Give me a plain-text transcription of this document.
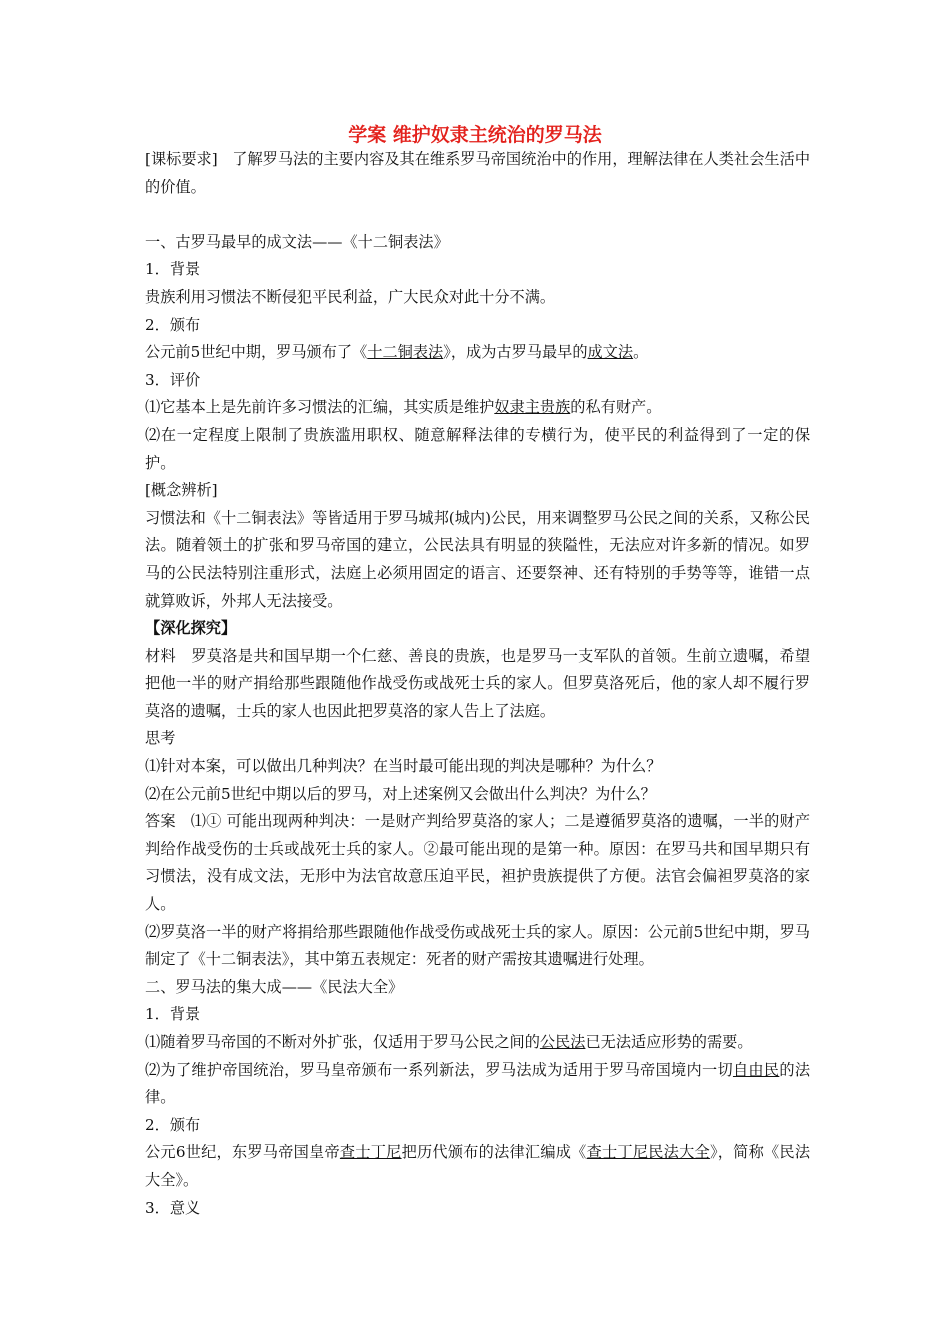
学案 维护奴隶主统治的罗马法

[课标要求] 了解罗马法的主要内容及其在维系罗马帝国统治中的作用，理解法律在人类社会生活中的价值。

一、古罗马最早的成文法——《十二铜表法》

1．背景

贵族利用习惯法不断侵犯平民利益，广大民众对此十分不满。

2．颁布

公元前5世纪中期，罗马颁布了《十二铜表法》，成为古罗马最早的成文法。

3．评价

⑴它基本上是先前许多习惯法的汇编，其实质是维护奴隶主贵族的私有财产。

⑵在一定程度上限制了贵族滥用职权、随意解释法律的专横行为，使平民的利益得到了一定的保护。

[概念辨析]

习惯法和《十二铜表法》等皆适用于罗马城邦(城内)公民，用来调整罗马公民之间的关系，又称公民法。随着领土的扩张和罗马帝国的建立，公民法具有明显的狭隘性，无法应对许多新的情况。如罗马的公民法特别注重形式，法庭上必须用固定的语言、还要祭神、还有特别的手势等等，谁错一点就算败诉，外邦人无法接受。

【深化探究】

材料 罗莫洛是共和国早期一个仁慈、善良的贵族，也是罗马一支军队的首领。生前立遗嘱，希望把他一半的财产捐给那些跟随他作战受伤或战死士兵的家人。但罗莫洛死后，他的家人却不履行罗莫洛的遗嘱，士兵的家人也因此把罗莫洛的家人告上了法庭。

思考

⑴针对本案，可以做出几种判决？在当时最可能出现的判决是哪种？为什么？

⑵在公元前5世纪中期以后的罗马，对上述案例又会做出什么判决？为什么？

答案 ⑴① 可能出现两种判决：一是财产判给罗莫洛的家人；二是遵循罗莫洛的遗嘱，一半的财产判给作战受伤的士兵或战死士兵的家人。②最可能出现的是第一种。原因：在罗马共和国早期只有习惯法，没有成文法，无形中为法官故意压迫平民，袒护贵族提供了方便。法官会偏袒罗莫洛的家人。

⑵罗莫洛一半的财产将捐给那些跟随他作战受伤或战死士兵的家人。原因：公元前5世纪中期，罗马制定了《十二铜表法》，其中第五表规定：死者的财产需按其遗嘱进行处理。

二、罗马法的集大成——《民法大全》

1．背景

⑴随着罗马帝国的不断对外扩张，仅适用于罗马公民之间的公民法已无法适应形势的需要。

⑵为了维护帝国统治，罗马皇帝颁布一系列新法，罗马法成为适用于罗马帝国境内一切自由民的法律。

2．颁布

公元6世纪，东罗马帝国皇帝查士丁尼把历代颁布的法律汇编成《查士丁尼民法大全》，简称《民法大全》。

3．意义
